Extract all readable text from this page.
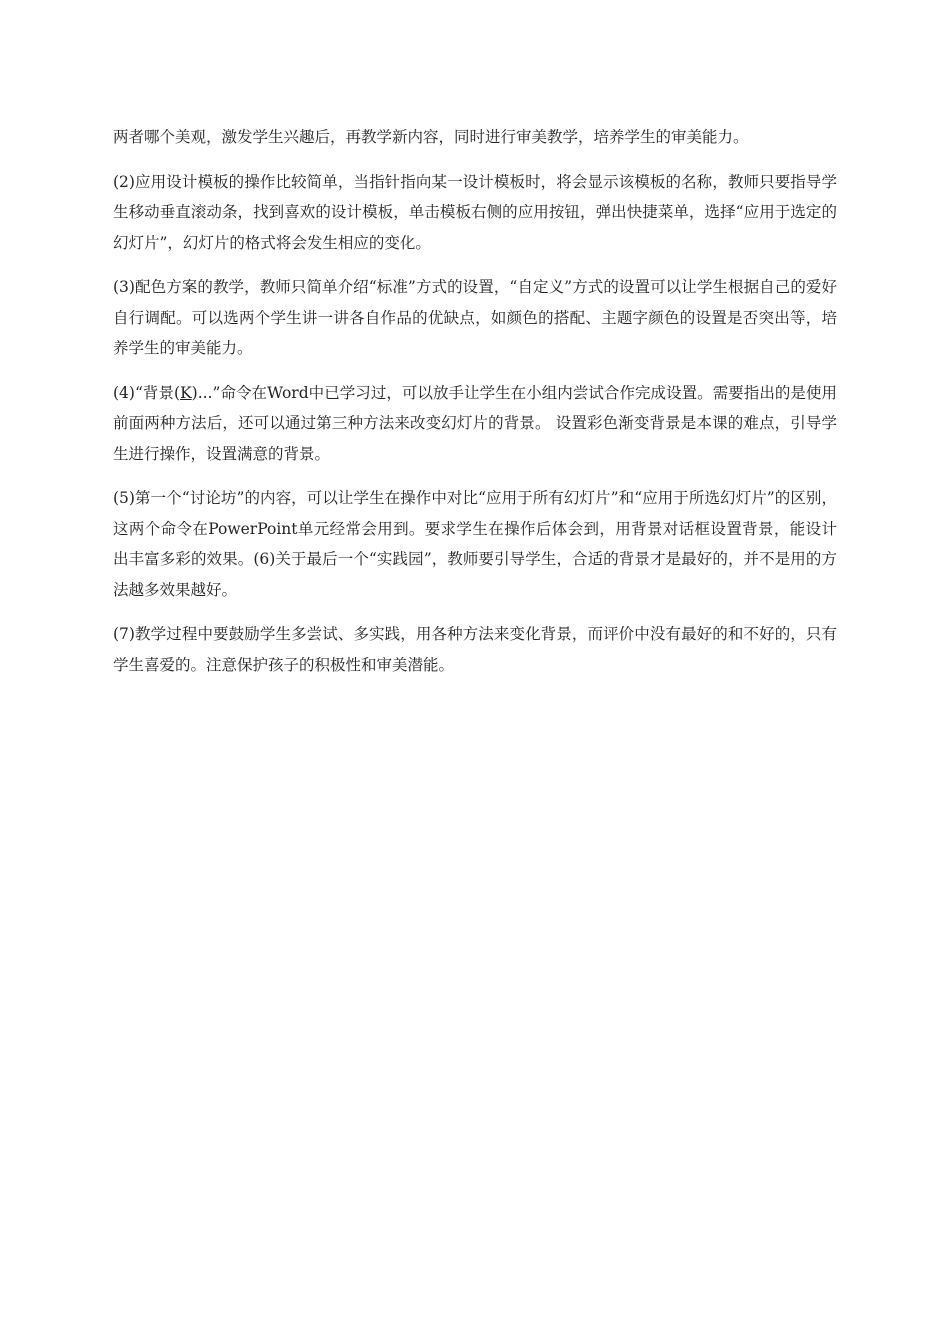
两者哪个美观，激发学生兴趣后，再教学新内容，同时进行审美教学，培养学生的审美能力。

(2)应用设计模板的操作比较简单，当指针指向某一设计模板时，将会显示该模板的名称，教师只要指导学生移动垂直滚动条，找到喜欢的设计模板，单击模板右侧的应用按钮，弹出快捷菜单，选择“应用于选定的幻灯片”，幻灯片的格式将会发生相应的变化。

(3)配色方案的教学，教师只简单介绍“标准”方式的设置，“自定义”方式的设置可以让学生根据自己的爱好自行调配。可以选两个学生讲一讲各自作品的优缺点，如颜色的搭配、主题字颜色的设置是否突出等，培养学生的审美能力。

(4)“背景(K)...”命令在Word中已学习过，可以放手让学生在小组内尝试合作完成设置。需要指出的是使用前面两种方法后，还可以通过第三种方法来改变幻灯片的背景。 设置彩色渐变背景是本课的难点，引导学生进行操作，设置满意的背景。

(5)第一个“讨论坊”的内容，可以让学生在操作中对比“应用于所有幻灯片”和“应用于所选幻灯片”的区别，这两个命令在PowerPoint单元经常会用到。要求学生在操作后体会到，用背景对话框设置背景，能设计出丰富多彩的效果。(6)关于最后一个“实践园”，教师要引导学生，合适的背景才是最好的，并不是用的方法越多效果越好。

(7)教学过程中要鼓励学生多尝试、多实践，用各种方法来变化背景，而评价中没有最好的和不好的，只有学生喜爱的。注意保护孩子的积极性和审美潜能。
